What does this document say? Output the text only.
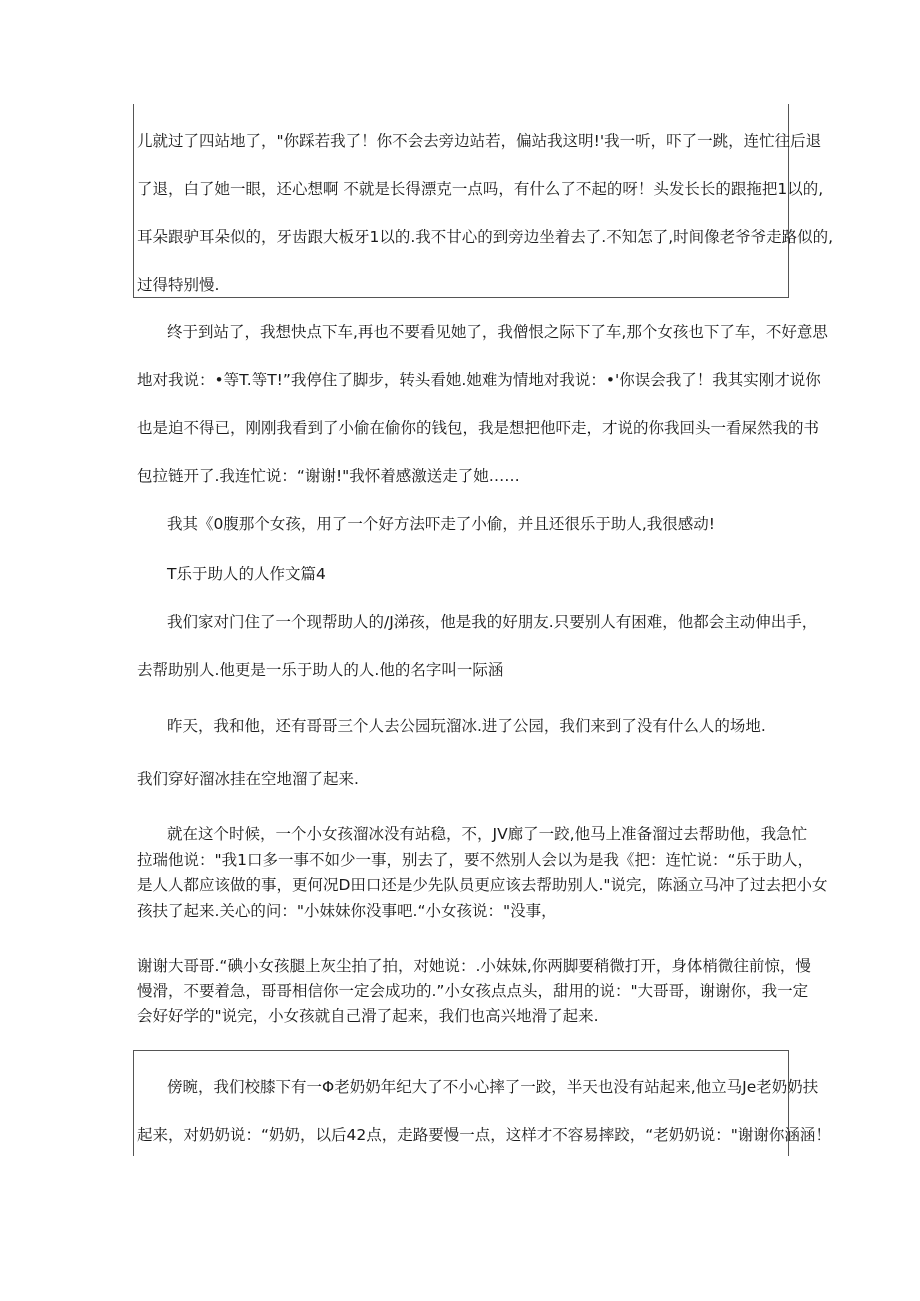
儿就过了四站地了，"你踩若我了！你不会去旁边站若，偏站我这明!'我一听，吓了一跳，连忙往后退
了退，白了她一眼，还心想啊 不就是长得漂克一点吗，有什么了不起的呀！头发长长的跟拖把1以的,
耳朵跟驴耳朵似的，牙齿跟大板牙1以的.我不甘心的到旁边坐着去了.不知怎了,时间像老爷爷走路似的,
过得特别慢.
终于到站了，我想快点下车,再也不要看见她了，我僧恨之际下了车,那个女孩也下了车，不好意思
地对我说：•等T.等T!”我停住了脚步，转头看她.她难为情地对我说：•'你误会我了！我其实刚才说你
也是迫不得已，刚刚我看到了小偷在偷你的钱包，我是想把他吓走，才说的你我回头一看屎然我的书
包拉链开了.我连忙说：“谢谢!"我怀着感激送走了她……
我其《0腹那个女孩，用了一个好方法吓走了小偷，并且还很乐于助人,我很感动!
T乐于助人的人作文篇4
我们家对门住了一个现帮助人的/J涕孩，他是我的好朋友.只要别人有困难，他都会主动伸出手，
去帮助别人.他更是一乐于助人的人.他的名字叫一际涵
昨天，我和他，还有哥哥三个人去公园玩溜冰.进了公园，我们来到了没有什么人的场地.
我们穿好溜冰挂在空地溜了起来.
就在这个时候，一个小女孩溜冰没有站稳，不，JV廊了一跤,他马上准备溜过去帮助他，我急忙
拉瑞他说："我1口多一事不如少一事，别去了，要不然别人会以为是我《把：连忙说：“乐于助人，
是人人都应该做的事，更何况D田口还是少先队员更应该去帮助别人."说完，陈涵立马冲了过去把小女
孩扶了起来.关心的问："小妹妹你没事吧.“小女孩说："没事，
谢谢大哥哥.“碘小女孩腿上灰尘拍了拍，对她说：.小妹妹,你两脚要稍微打开，身体梢微往前惊，慢
慢滑，不要着急，哥哥相信你一定会成功的.”小女孩点点头，甜用的说："大哥哥，谢谢你，我一定
会好好学的"说完，小女孩就自己滑了起来，我们也高兴地滑了起来.
傍晼，我们校膝下有一Φ老奶奶年纪大了不小心摔了一跤，半天也没有站起来,他立马Je老奶奶扶
起来，对奶奶说：“奶奶，以后42点，走路要慢一点，这样才不容易摔跤，“老奶奶说："谢谢你涵涵！
